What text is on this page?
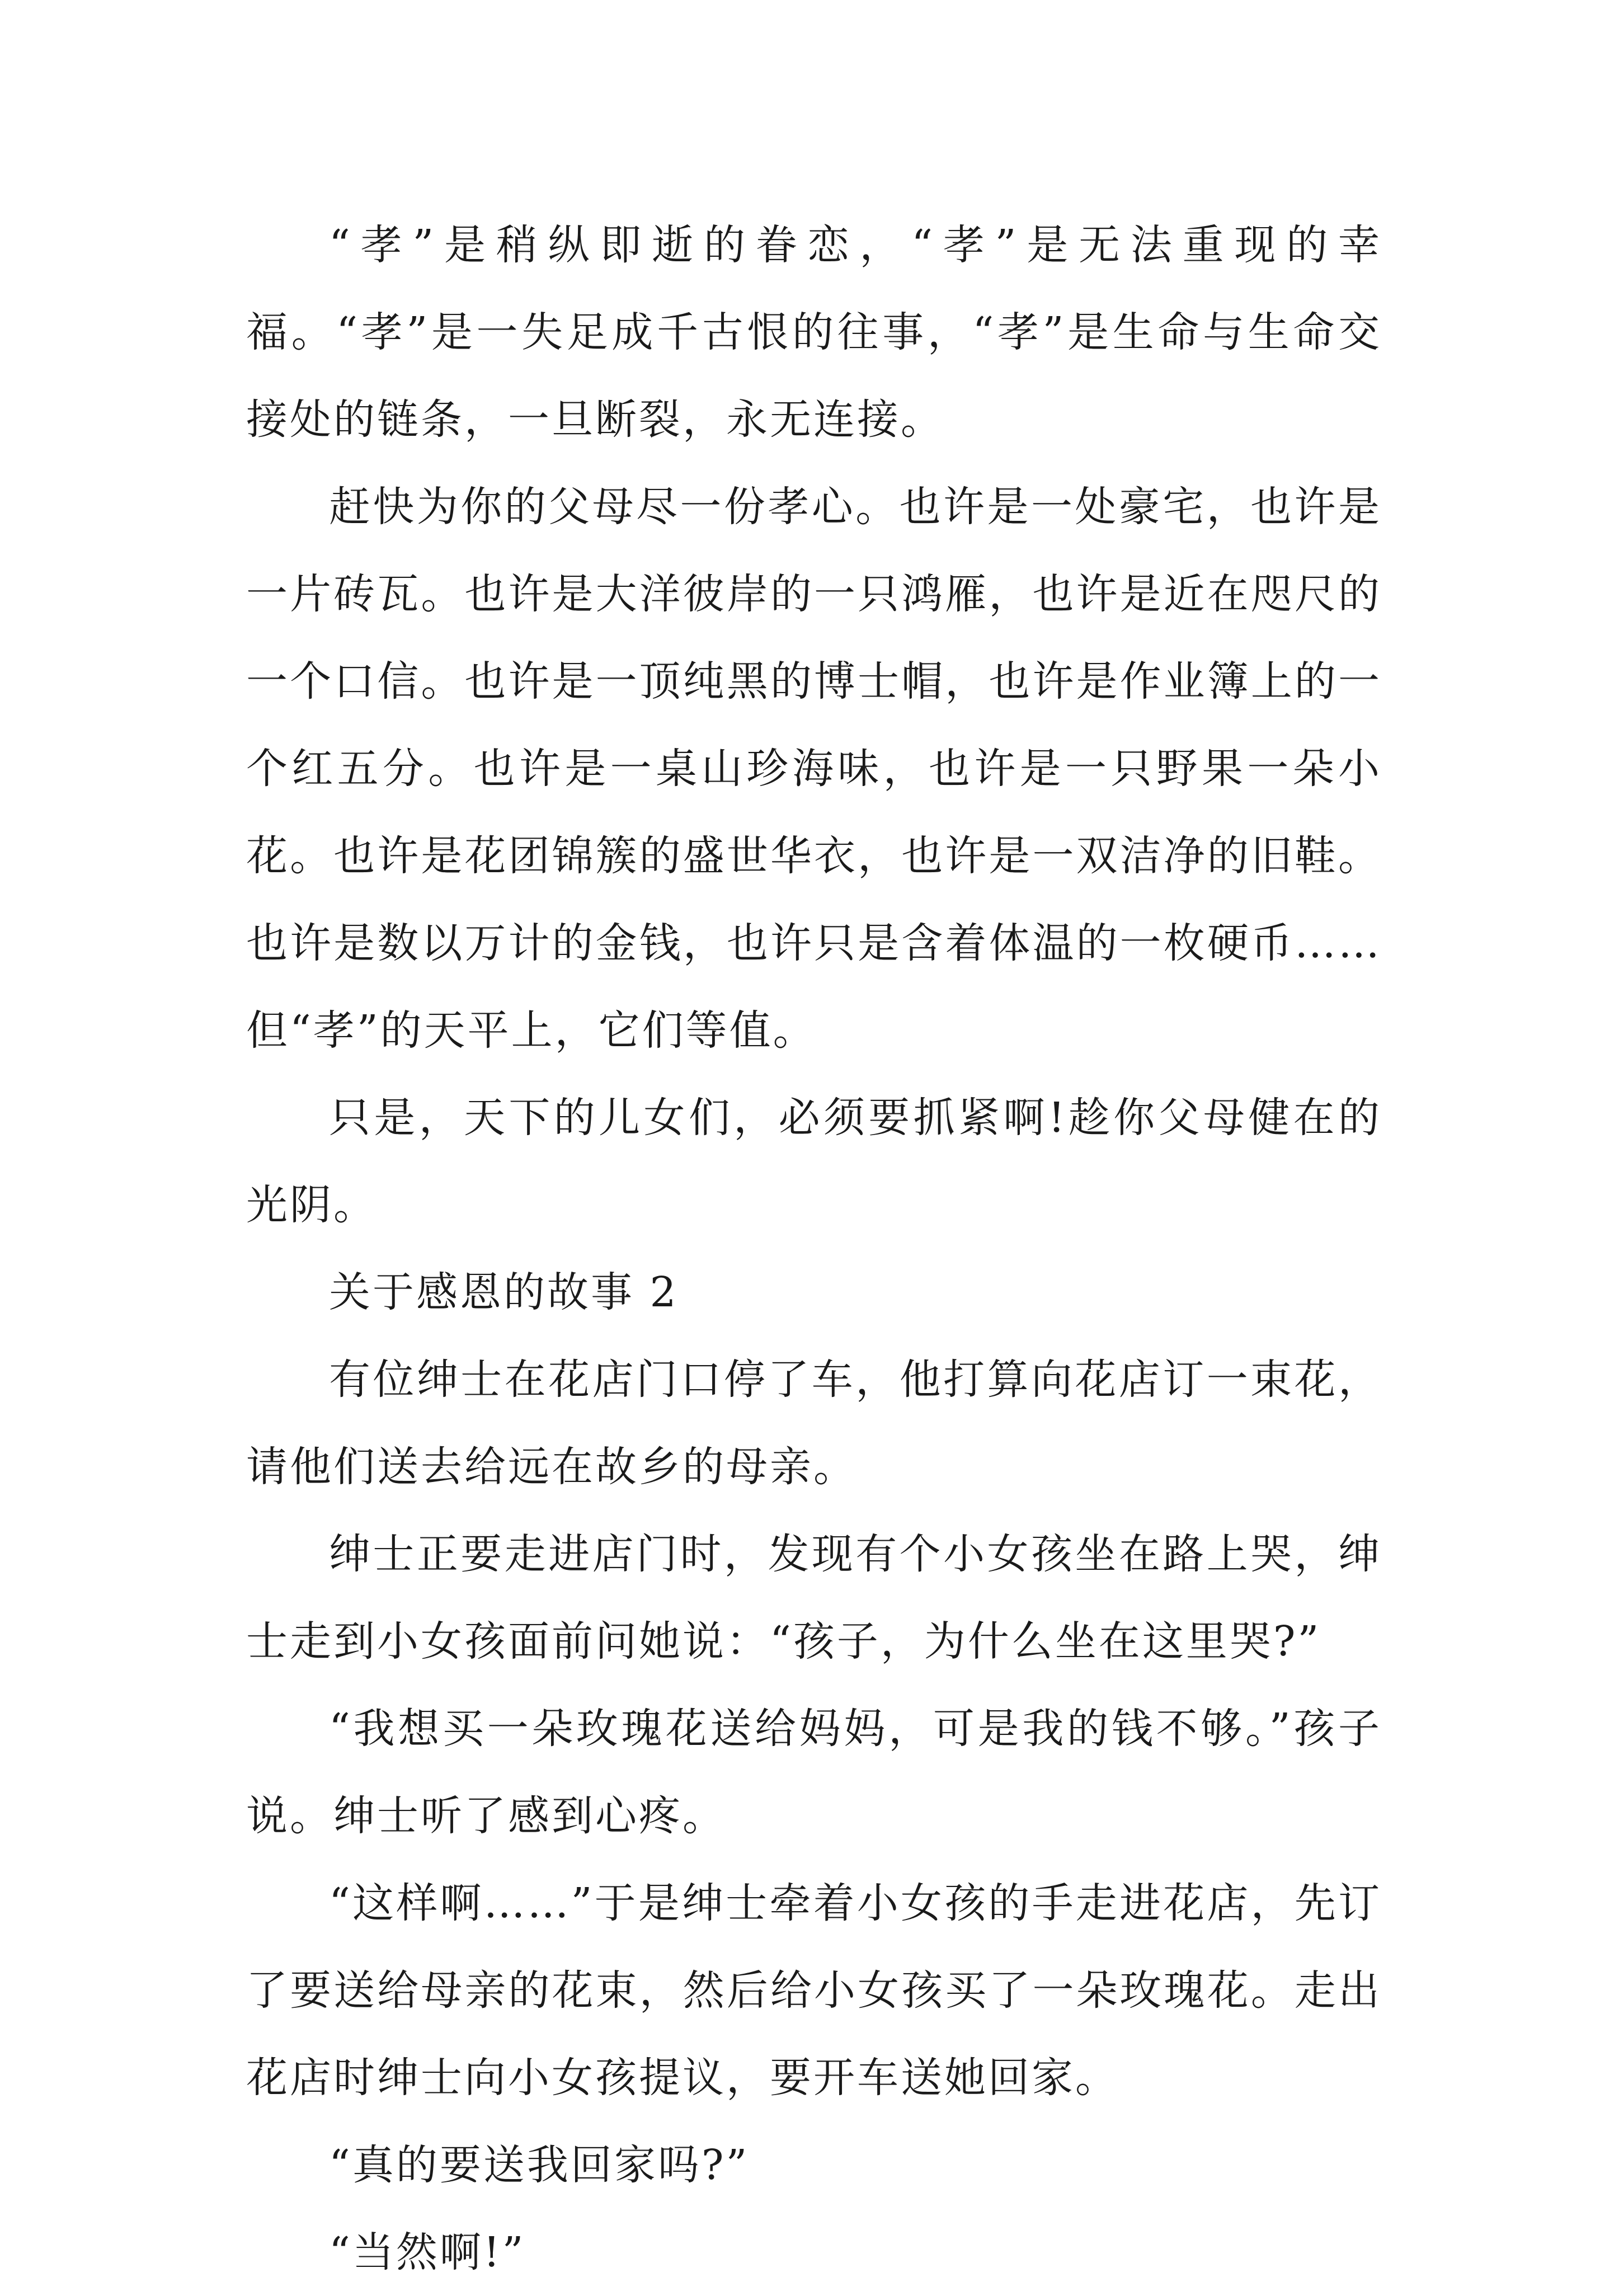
“孝”是稍纵即逝的眷恋，“孝”是无法重现的幸福。“孝”是一失足成千古恨的往事，“孝”是生命与生命交接处的链条，一旦断裂，永无连接。

赶快为你的父母尽一份孝心。也许是一处豪宅，也许是一片砖瓦。也许是大洋彼岸的一只鸿雁，也许是近在咫尺的一个口信。也许是一顶纯黑的博士帽，也许是作业簿上的一个红五分。也许是一桌山珍海味，也许是一只野果一朵小花。也许是花团锦簇的盛世华衣，也许是一双洁净的旧鞋。也许是数以万计的金钱，也许只是含着体温的一枚硬币……但“孝”的天平上，它们等值。

只是，天下的儿女们，必须要抓紧啊!趁你父母健在的光阴。

关于感恩的故事 2

有位绅士在花店门口停了车，他打算向花店订一束花，请他们送去给远在故乡的母亲。

绅士正要走进店门时，发现有个小女孩坐在路上哭，绅士走到小女孩面前问她说：“孩子，为什么坐在这里哭?”

“我想买一朵玫瑰花送给妈妈，可是我的钱不够。”孩子说。绅士听了感到心疼。

“这样啊……”于是绅士牵着小女孩的手走进花店，先订了要送给母亲的花束，然后给小女孩买了一朵玫瑰花。走出花店时绅士向小女孩提议，要开车送她回家。

“真的要送我回家吗?”

“当然啊!”
